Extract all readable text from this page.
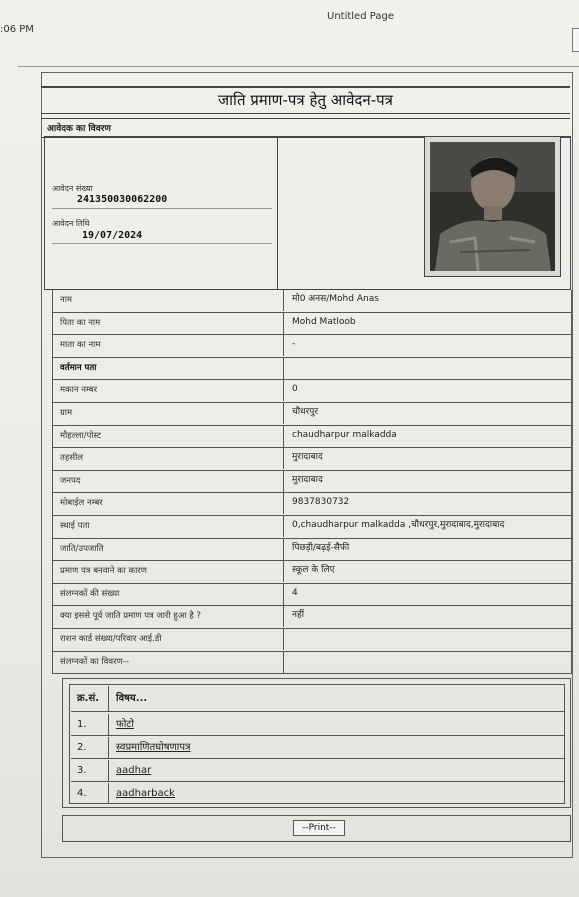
:06 PM
Untitled Page
जाति प्रमाण-पत्र हेतु आवेदन-पत्र
आवेदक का विवरण
आवेदन संख्या
241350030062200
आवेदन तिथि
19/07/2024
नाम	मो0 अनस/Mohd Anas
पिता का नाम	Mohd Matloob
माता का नाम	-
वर्तमान पता
मकान नम्बर	0
ग्राम	चौधरपुर
मौहल्ला/पोस्ट	chaudharpur malkadda
तहसील	मुरादाबाद
जनपद	मुरादाबाद
मोबाईल नम्बर	9837830732
स्थाई पता	0,chaudharpur malkadda ,चौधरपुर,मुरादाबाद,मुरादाबाद
जाति/उपजाति	पिछड़ी/बढ़ई-सैफी
प्रमाण पत्र बनवाने का कारण	स्कूल के लिए
संलग्नकों की संख्या	4
क्या इससे पूर्व जाति प्रमाण पत्र जारी हुआ है ?	नहीं
राशन कार्ड संख्या/परिवार आई.डी
संलग्नकों का विवरण--
क्र.सं.	विषय...
1.	फोटो
2.	स्वप्रमाणितघोषणापत्र
3.	aadhar
4.	aadharback
--Print--
